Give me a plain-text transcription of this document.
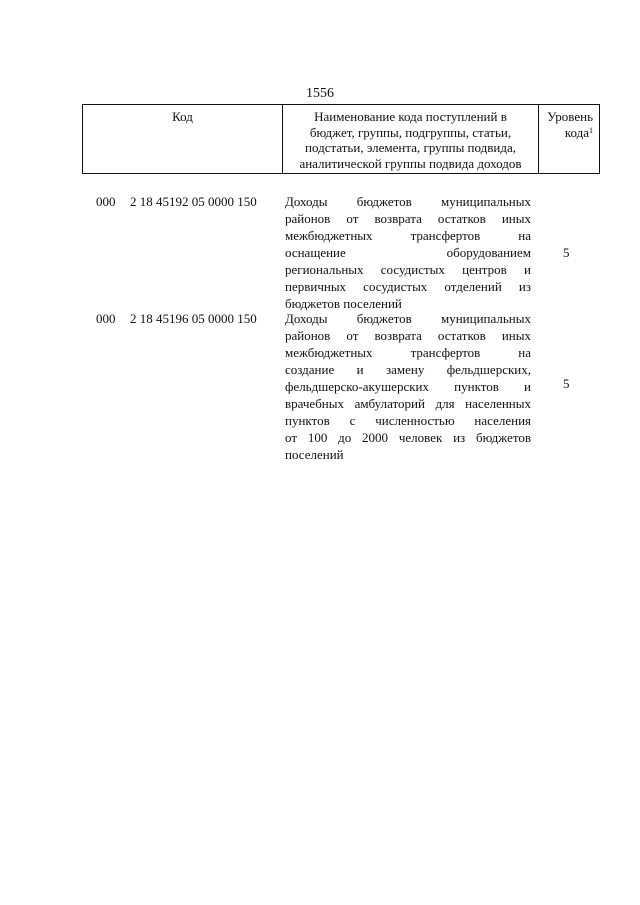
1556
Код	Наименование кода поступлений в
бюджет, группы, подгруппы, статьи,
подстатьи, элемента, группы подвида,
аналитической группы подвида доходов
Уровень
кода$^1$
000 2 18 45192 05 0000 150 Доходы бюджетов муниципальных
районов от возврата остатков иных
межбюджетных трансфертов на
оснащение оборудованием
региональных сосудистых центров и
первичных сосудистых отделений из
бюджетов поселений
5
000 2 18 45196 05 0000 150 Доходы бюджетов муниципальных
районов от возврата остатков иных
межбюджетных трансфертов на
создание и замену фельдшерских,
фельдшерско-акушерских пунктов и
врачебных амбулаторий для населенных
пунктов с численностью населения
от 100 до 2000 человек из бюджетов
поселений
5
